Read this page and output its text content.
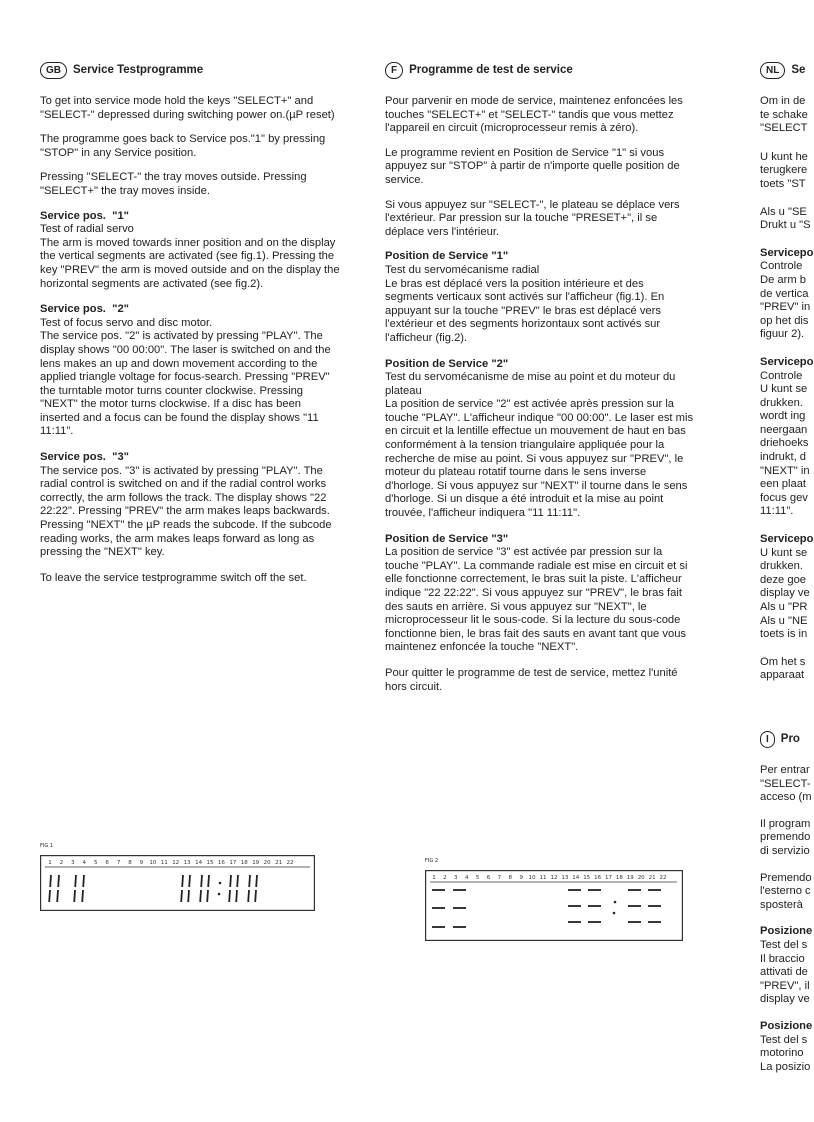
GB	Service Testprogramme

To get into service mode hold the keys "SELECT+" and "SELECT-" depressed during switching power on.(µP reset)

The programme goes back to Service pos."1" by pressing "STOP" in any Service position.

Pressing "SELECT-" the tray moves outside. Pressing "SELECT+" the tray moves inside.

Service pos.  "1"

Test of radial servo
The arm is moved towards inner position and on the display the vertical segments are activated (see fig.1). Pressing the key "PREV" the arm is moved outside and on the display the horizontal segments are activated (see fig.2).

Service pos.  "2"

Test of focus servo and disc motor.
The service pos. "2" is activated by pressing "PLAY". The display shows "00 00:00". The laser is switched on and the lens makes an up and down movement according to the applied triangle voltage for focus-search. Pressing "PREV" the turntable motor turns counter clockwise. Pressing "NEXT" the motor turns clockwise. If a disc has been inserted and a focus can be found the display shows "11 11:11".

Service pos.  "3"

The service pos. "3" is activated by pressing "PLAY". The radial control is switched on and if the radial control works correctly, the arm follows the track. The display shows "22 22:22". Pressing "PREV" the arm makes leaps backwards. Pressing "NEXT" the µP reads the subcode. If the subcode reading works, the arm makes leaps forward as long as pressing the "NEXT" key.

To leave the service testprogramme switch off the set.

F	Programme de test de service

Pour parvenir en mode de service, maintenez enfoncées les touches "SELECT+" et "SELECT-" tandis que vous mettez l'appareil en circuit (microprocesseur remis à zéro).

Le programme revient en Position de Service "1" si vous appuyez sur "STOP" à partir de n'importe quelle position de service.

Si vous appuyez sur "SELECT-", le plateau se déplace vers l'extérieur. Par pression sur la touche "PRESET+", il se déplace vers l'intérieur.

Position de Service "1"

Test du servomécanisme radial
Le bras est déplacé vers la position intérieure et des segments verticaux sont activés sur l'afficheur (fig.1). En appuyant sur la touche "PREV" le bras est déplacé vers l'extérieur et des segments horizontaux sont activés sur l'afficheur (fig.2).

Position de Service "2"

Test du servomécanisme de mise au point et du moteur du plateau
La position de service "2" est activée après pression sur la touche "PLAY". L'afficheur indique "00 00:00". Le laser est mis en circuit et la lentille effectue un mouvement de haut en bas conformément à la tension triangulaire appliquée pour la recherche de mise au point. Si vous appuyez sur "PREV", le moteur du plateau rotatif tourne dans le sens inverse d'horloge. Si vous appuyez sur "NEXT" il tourne dans le sens d'horloge. Si un disque a été introduit et la mise au point trouvée, l'afficheur indiquera "11 11:11".

Position de Service "3"

La position de service "3" est activée par pression sur la touche "PLAY". La commande radiale est mise en circuit et si elle fonctionne correctement, le bras suit la piste. L'afficheur indique "22 22:22". Si vous appuyez sur "PREV", le bras fait des sauts en arrière. Si vous appuyez sur "NEXT", le microprocesseur lit le sous-code. Si la lecture du sous-code fonctionne bien, le bras fait des sauts en avant tant que vous maintenez enfoncée la touche "NEXT".

Pour quitter le programme de test de service, mettez l'unité hors circuit.

NL	Se

Om in de
te schake
"SELECT

U kunt he
terugkere
toets "ST

Als u "SE
Drukt u "S

Servicepo

Controle
De arm b
de vertica
"PREV" in
op het dis
figuur 2).

Servicepo

Controle
U kunt se
drukken.
wordt ing
neergaan
driehoeks
indrukt, d
"NEXT" in
een plaat
focus gev
11:11".

Servicepo

U kunt se
drukken.
deze goe
display ve
Als u "PR
Als u "NE
toets is in

Om het s
apparaat

I	Pro

Per entrar
"SELECT-
acceso (m

Il program
premendo
di servizio

Premendo
l'esterno c
sposterà

Posizione

Test del s
Il braccio
attivati de
"PREV", il
display ve

Posizione

Test del s
motorino
La posizio

FIG 1
1 2 3 4 5 6 7 8 9 10 11 12 13 14 15 16 17 18 19 20 21 22	FIG 2
1 2 3 4 5 6 7 8 9 10 11 12 13 14 15 16 17 18 19 20 21 22
